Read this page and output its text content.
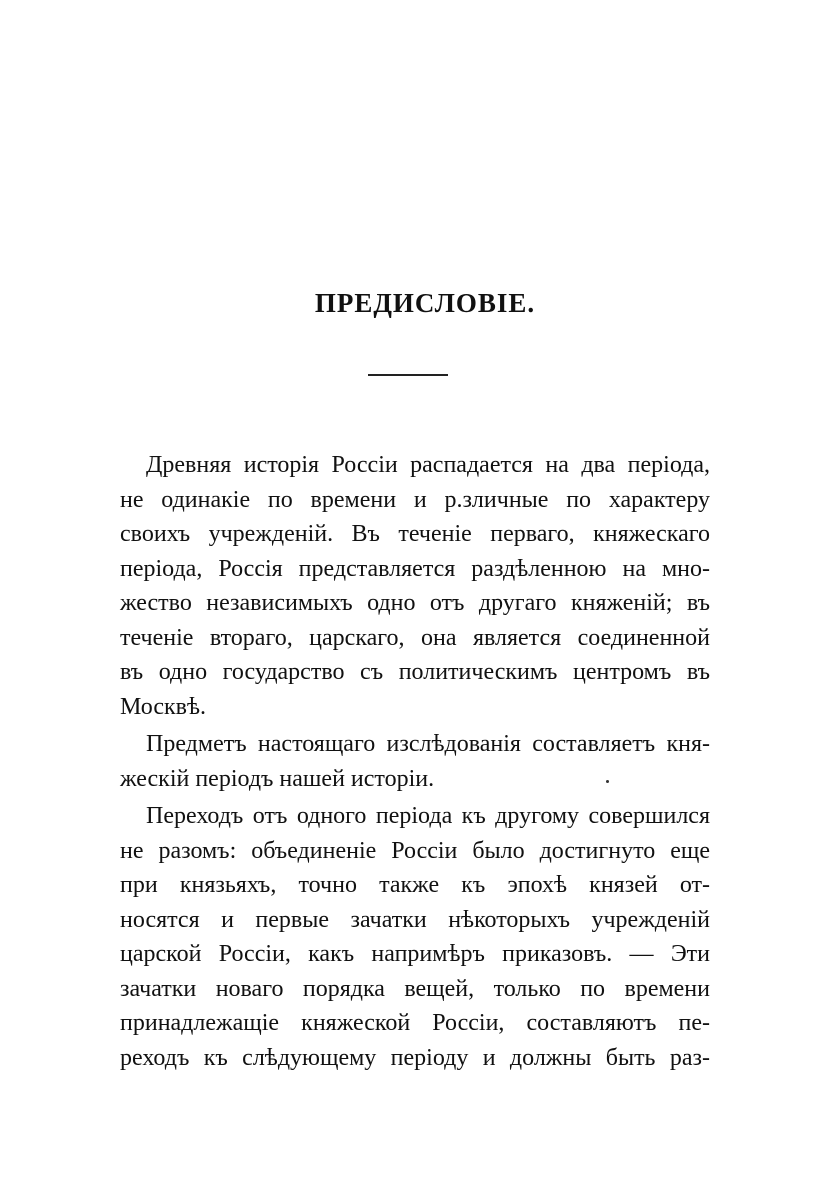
ПРЕДИСЛОВІЕ.
Древняя исторія Россіи распадается на два періода,
не одинакіе по времени и р.зличные по характеру
своихъ учрежденій. Въ теченіе перваго, княжескаго
періода, Россія представляется раздѣленною на мно-
жество независимыхъ одно отъ другаго княженій; въ
теченіе втораго, царскаго, она является соединенной
въ одно государство съ политическимъ центромъ въ
Москвѣ.
Предметъ настоящаго изслѣдованія составляетъ кня-
жескій періодъ нашей исторіи.
Переходъ отъ одного періода къ другому совершился
не разомъ: объединеніе Россіи было достигнуто еще
при князьяхъ, точно также къ эпохѣ князей от-
носятся и первые зачатки нѣкоторыхъ учрежденій
царской Россіи, какъ напримѣръ приказовъ. — Эти
зачатки новаго порядка вещей, только по времени
принадлежащіе княжеской Россіи, составляютъ пе-
реходъ къ слѣдующему періоду и должны быть раз-
